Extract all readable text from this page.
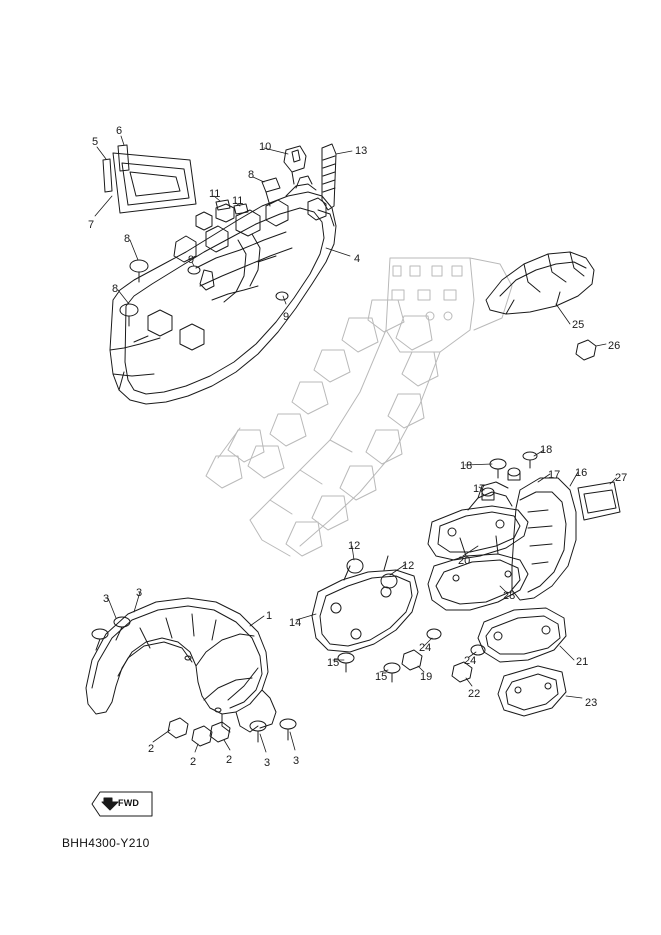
5
6
7
8
8
9
9
10
11
11
8
13
4
25
26
18
18
17
17
16	27
20
28
12
12
14
1
3 3
15
15	19
24
24
22
21
23
2
2	2	3 3
FWD
BHH4300-Y210
